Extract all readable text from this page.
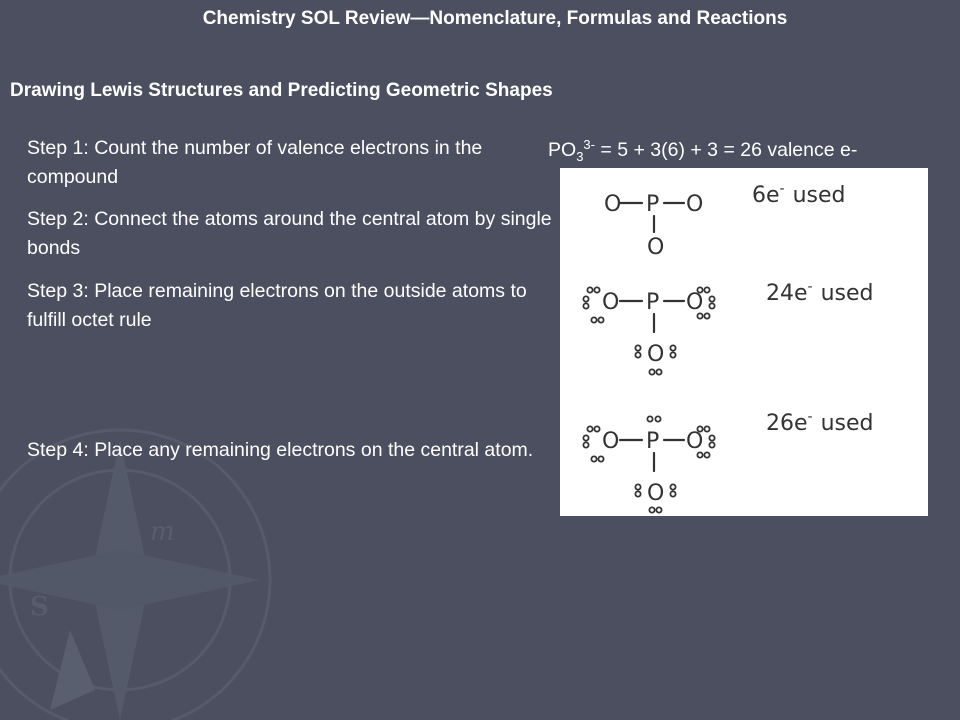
m
S
Chemistry SOL Review—Nomenclature, Formulas and Reactions
Drawing Lewis Structures and Predicting Geometric Shapes

Step 1: Count the number of valence electrons in the compound

Step 2: Connect the atoms around the central atom by single bonds

Step 3: Place remaining electrons on the outside atoms to fulfill octet rule

Step 4: Place any remaining electrons on the central atom.

$PO_3^{3-} = 5 + 3(6) + 3 = 26$ valence e-

O P O
O
O P O
O
O P O
O
6e- used
24e- used
26e- used
